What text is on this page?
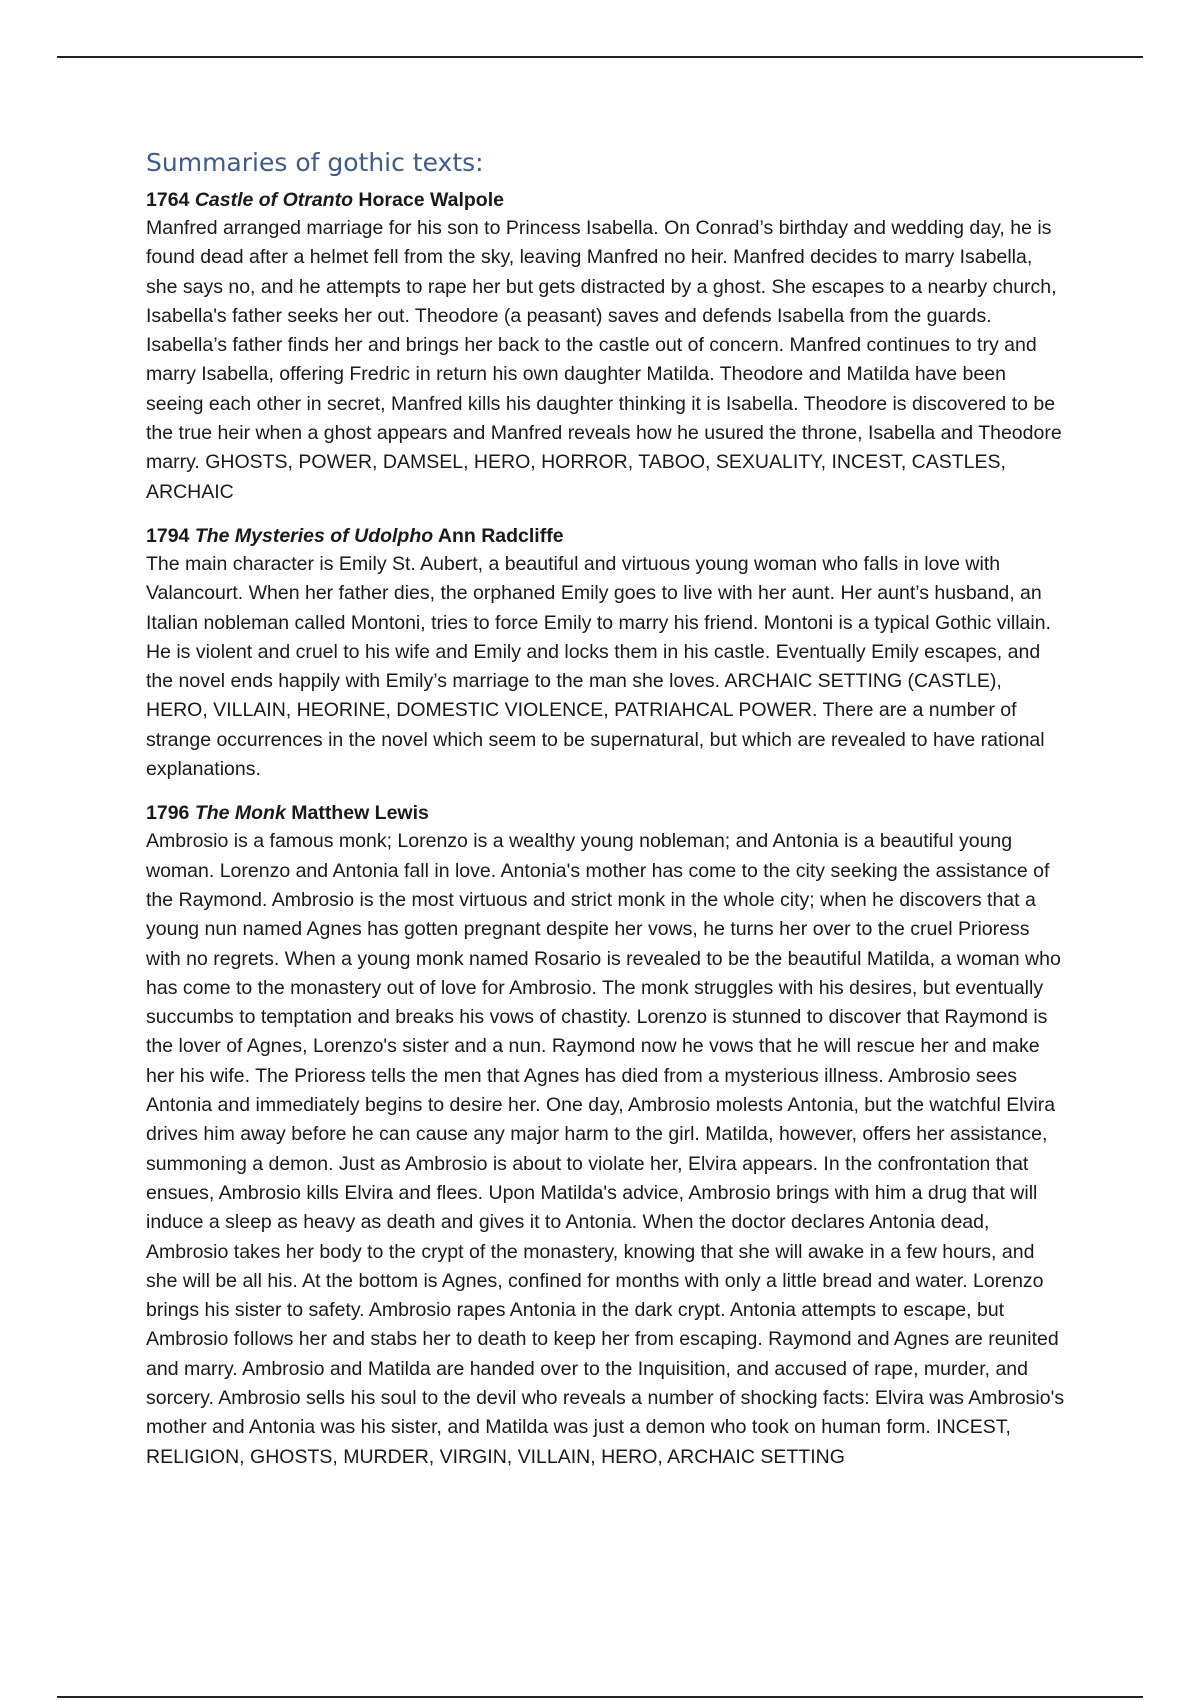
Summaries of gothic texts:

1764 Castle of Otranto Horace Walpole

Manfred arranged marriage for his son to Princess Isabella. On Conrad’s birthday and wedding day, he is found dead after a helmet fell from the sky, leaving Manfred no heir. Manfred decides to marry Isabella, she says no, and he attempts to rape her but gets distracted by a ghost. She escapes to a nearby church, Isabella's father seeks her out. Theodore (a peasant) saves and defends Isabella from the guards. Isabella’s father finds her and brings her back to the castle out of concern. Manfred continues to try and marry Isabella, offering Fredric in return his own daughter Matilda. Theodore and Matilda have been seeing each other in secret, Manfred kills his daughter thinking it is Isabella. Theodore is discovered to be the true heir when a ghost appears and Manfred reveals how he usured the throne, Isabella and Theodore marry. GHOSTS, POWER, DAMSEL, HERO, HORROR, TABOO, SEXUALITY, INCEST, CASTLES, ARCHAIC

1794 The Mysteries of Udolpho Ann Radcliffe

The main character is Emily St. Aubert, a beautiful and virtuous young woman who falls in love with Valancourt. When her father dies, the orphaned Emily goes to live with her aunt. Her aunt’s husband, an Italian nobleman called Montoni, tries to force Emily to marry his friend. Montoni is a typical Gothic villain. He is violent and cruel to his wife and Emily and locks them in his castle. Eventually Emily escapes, and the novel ends happily with Emily’s marriage to the man she loves. ARCHAIC SETTING (CASTLE), HERO, VILLAIN, HEORINE, DOMESTIC VIOLENCE, PATRIAHCAL POWER. There are a number of strange occurrences in the novel which seem to be supernatural, but which are revealed to have rational explanations.

1796 The Monk Matthew Lewis

Ambrosio is a famous monk; Lorenzo is a wealthy young nobleman; and Antonia is a beautiful young woman. Lorenzo and Antonia fall in love. Antonia's mother has come to the city seeking the assistance of the Raymond. Ambrosio is the most virtuous and strict monk in the whole city; when he discovers that a young nun named Agnes has gotten pregnant despite her vows, he turns her over to the cruel Prioress with no regrets. When a young monk named Rosario is revealed to be the beautiful Matilda, a woman who has come to the monastery out of love for Ambrosio. The monk struggles with his desires, but eventually succumbs to temptation and breaks his vows of chastity. Lorenzo is stunned to discover that Raymond is the lover of Agnes, Lorenzo's sister and a nun. Raymond now he vows that he will rescue her and make her his wife. The Prioress tells the men that Agnes has died from a mysterious illness. Ambrosio sees Antonia and immediately begins to desire her. One day, Ambrosio molests Antonia, but the watchful Elvira drives him away before he can cause any major harm to the girl. Matilda, however, offers her assistance, summoning a demon. Just as Ambrosio is about to violate her, Elvira appears. In the confrontation that ensues, Ambrosio kills Elvira and flees. Upon Matilda's advice, Ambrosio brings with him a drug that will induce a sleep as heavy as death and gives it to Antonia. When the doctor declares Antonia dead, Ambrosio takes her body to the crypt of the monastery, knowing that she will awake in a few hours, and she will be all his. At the bottom is Agnes, confined for months with only a little bread and water. Lorenzo brings his sister to safety. Ambrosio rapes Antonia in the dark crypt. Antonia attempts to escape, but Ambrosio follows her and stabs her to death to keep her from escaping. Raymond and Agnes are reunited and marry. Ambrosio and Matilda are handed over to the Inquisition, and accused of rape, murder, and sorcery. Ambrosio sells his soul to the devil who reveals a number of shocking facts: Elvira was Ambrosio's mother and Antonia was his sister, and Matilda was just a demon who took on human form. INCEST, RELIGION, GHOSTS, MURDER, VIRGIN, VILLAIN, HERO, ARCHAIC SETTING
